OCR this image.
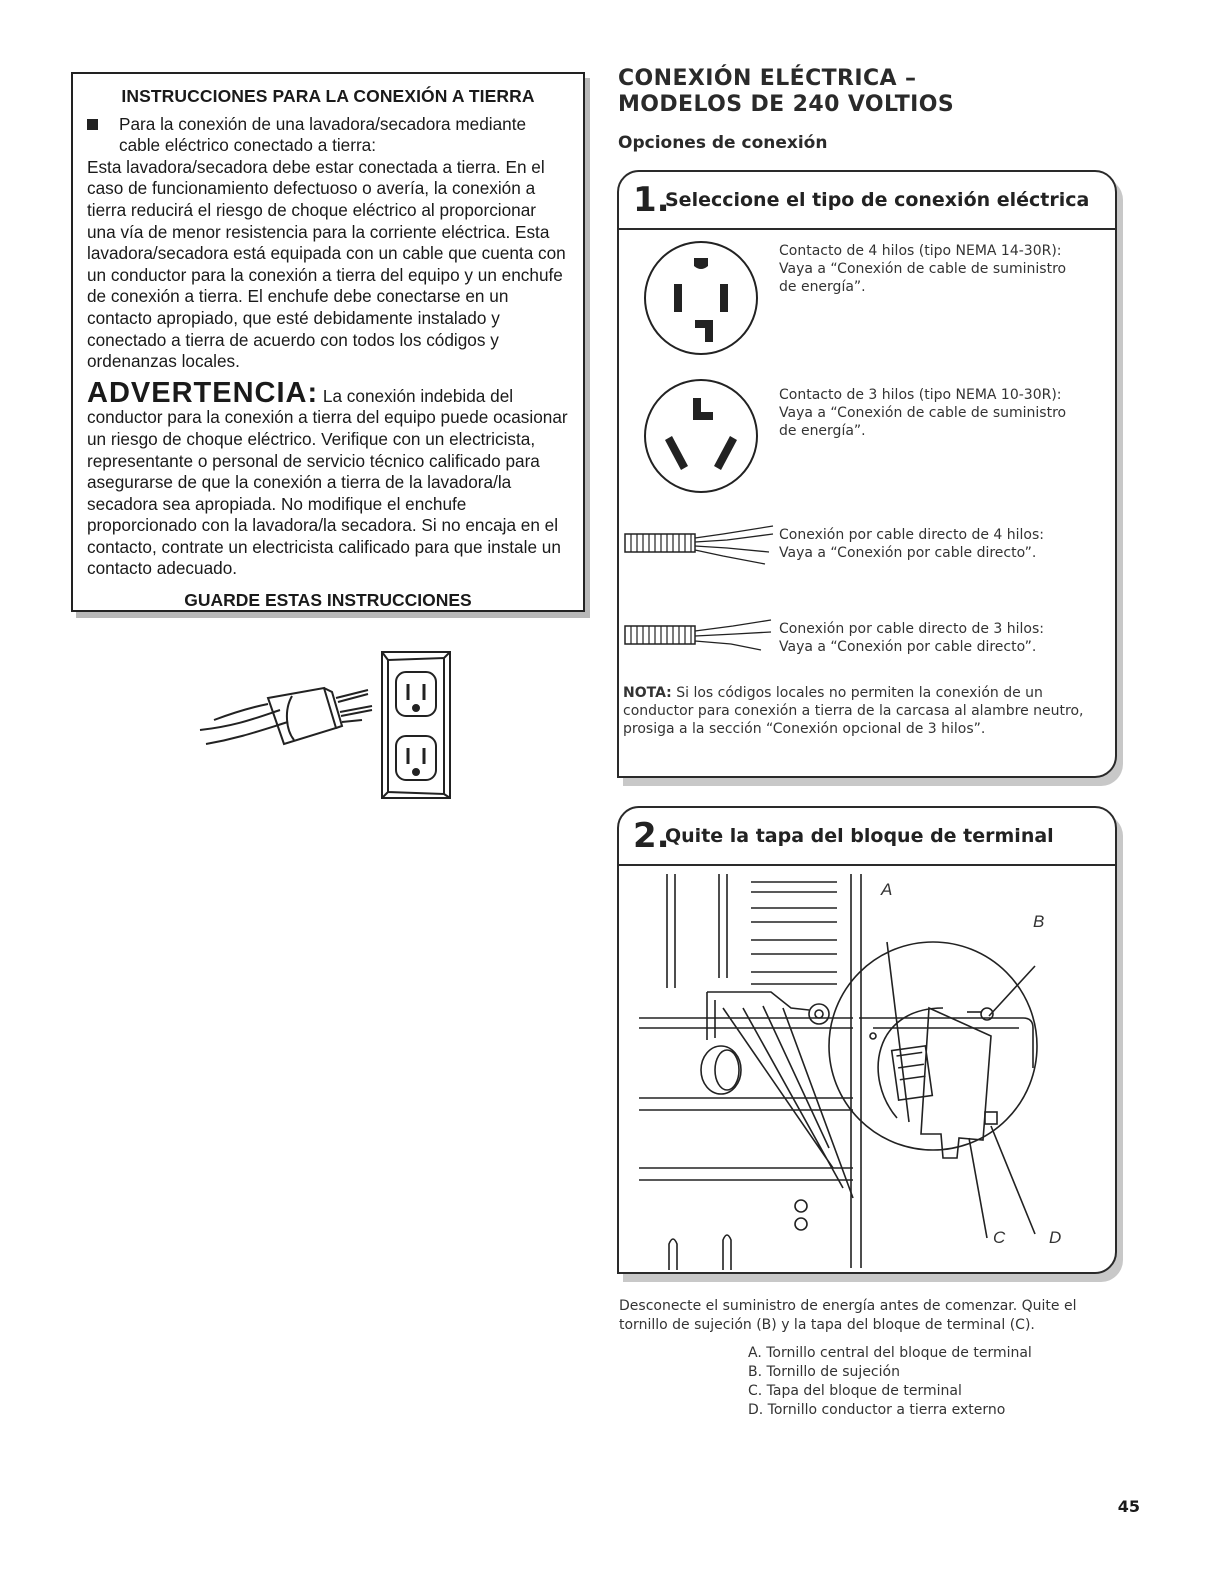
INSTRUCCIONES PARA LA CONEXIÓN A TIERRA
Para la conexión de una lavadora/secadora mediante cable eléctrico conectado a tierra:
Esta lavadora/secadora debe estar conectada a tierra. En el caso de funcionamiento defectuoso o avería, la conexión a tierra reducirá el riesgo de choque eléctrico al proporcionar una vía de menor resistencia para la corriente eléctrica. Esta lavadora/secadora está equipada con un cable que cuenta con un conductor para la conexión a tierra del equipo y un enchufe de conexión a tierra. El enchufe debe conectarse en un contacto apropiado, que esté debidamente instalado y conectado a tierra de acuerdo con todos los códigos y ordenanzas locales.
ADVERTENCIA: La conexión indebida del conductor para la conexión a tierra del equipo puede ocasionar un riesgo de choque eléctrico. Verifique con un electricista, representante o personal de servicio técnico calificado para asegurarse de que la conexión a tierra de la lavadora/la secadora sea apropiada. No modifique el enchufe proporcionado con la lavadora/la secadora. Si no encaja en el contacto, contrate un electricista calificado para que instale un contacto adecuado.
GUARDE ESTAS INSTRUCCIONES
CONEXIÓN ELÉCTRICA –
MODELOS DE 240 VOLTIOS
Opciones de conexión
1.
Seleccione el tipo de conexión eléctrica
Contacto de 4 hilos (tipo NEMA 14-30R):
Vaya a “Conexión de cable de suministro
de energía”.
Contacto de 3 hilos (tipo NEMA 10-30R):
Vaya a “Conexión de cable de suministro
de energía”.
Conexión por cable directo de 4 hilos:
Vaya a “Conexión por cable directo”.
Conexión por cable directo de 3 hilos:
Vaya a “Conexión por cable directo”.
NOTA: Si los códigos locales no permiten la conexión de un conductor para conexión a tierra de la carcasa al alambre neutro, prosiga a la sección “Conexión opcional de 3 hilos”.
2.
Quite la tapa del bloque de terminal
A
B
C	D
Desconecte el suministro de energía antes de comenzar. Quite el tornillo de sujeción (B) y la tapa del bloque de terminal (C).
A. Tornillo central del bloque de terminal
B. Tornillo de sujeción
C. Tapa del bloque de terminal
D. Tornillo conductor a tierra externo
45
